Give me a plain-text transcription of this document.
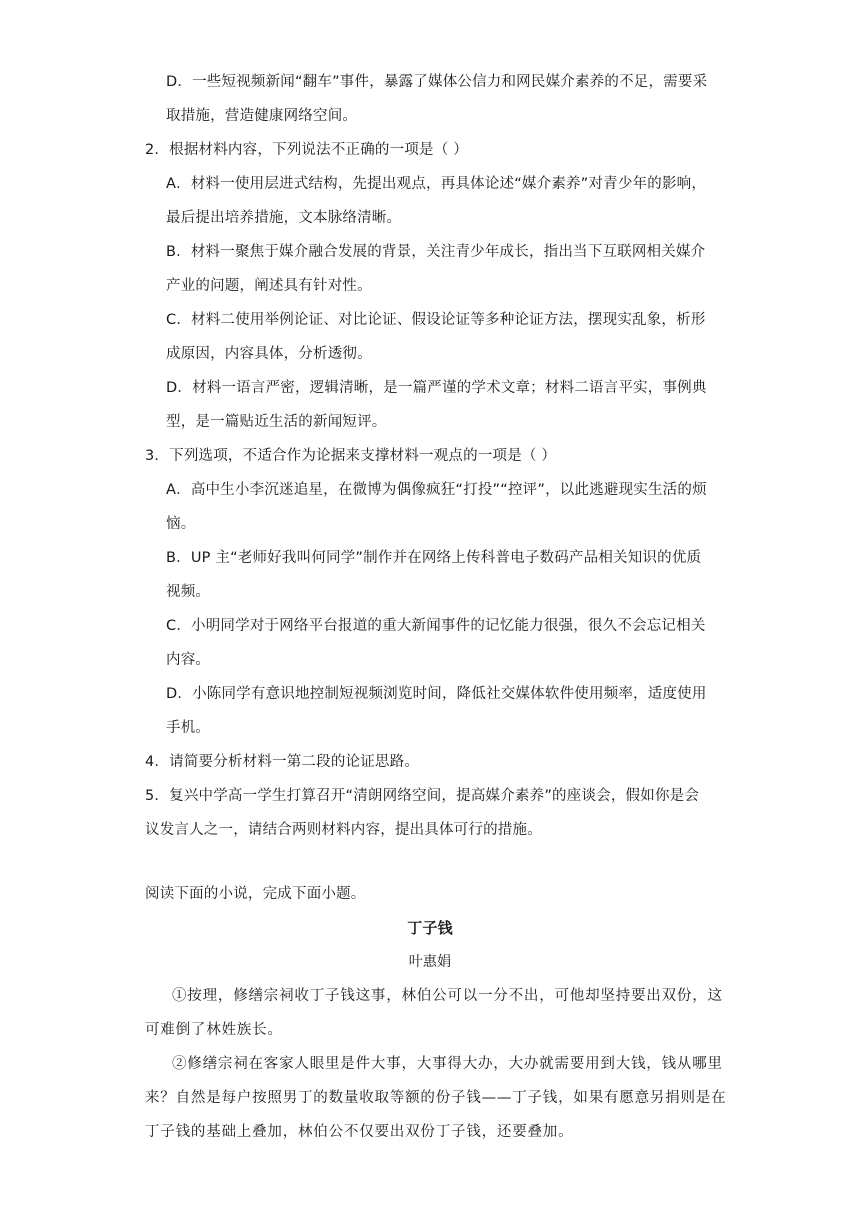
D．一些短视频新闻“翻车”事件，暴露了媒体公信力和网民媒介素养的不足，需要采
取措施，营造健康网络空间。
2．根据材料内容，下列说法不正确的一项是（ ）
A．材料一使用层进式结构，先提出观点，再具体论述“媒介素养”对青少年的影响，
最后提出培养措施，文本脉络清晰。
B．材料一聚焦于媒介融合发展的背景，关注青少年成长，指出当下互联网相关媒介
产业的问题，阐述具有针对性。
C．材料二使用举例论证、对比论证、假设论证等多种论证方法，摆现实乱象，析形
成原因，内容具体，分析透彻。
D．材料一语言严密，逻辑清晰，是一篇严谨的学术文章；材料二语言平实，事例典
型，是一篇贴近生活的新闻短评。
3．下列选项，不适合作为论据来支撑材料一观点的一项是（ ）
A．高中生小李沉迷追星，在微博为偶像疯狂“打投”“控评”，以此逃避现实生活的烦
恼。
B．UP 主“老师好我叫何同学”制作并在网络上传科普电子数码产品相关知识的优质
视频。
C．小明同学对于网络平台报道的重大新闻事件的记忆能力很强，很久不会忘记相关
内容。
D．小陈同学有意识地控制短视频浏览时间，降低社交媒体软件使用频率，适度使用
手机。
4．请简要分析材料一第二段的论证思路。
5．复兴中学高一学生打算召开“清朗网络空间，提高媒介素养”的座谈会，假如你是会
议发言人之一，请结合两则材料内容，提出具体可行的措施。
阅读下面的小说，完成下面小题。
丁子钱
叶惠娟
①按理，修缮宗祠收丁子钱这事，林伯公可以一分不出，可他却坚持要出双份，这
可难倒了林姓族长。
②修缮宗祠在客家人眼里是件大事，大事得大办，大办就需要用到大钱，钱从哪里
来？自然是每户按照男丁的数量收取等额的份子钱——丁子钱，如果有愿意另捐则是在
丁子钱的基础上叠加，林伯公不仅要出双份丁子钱，还要叠加。
